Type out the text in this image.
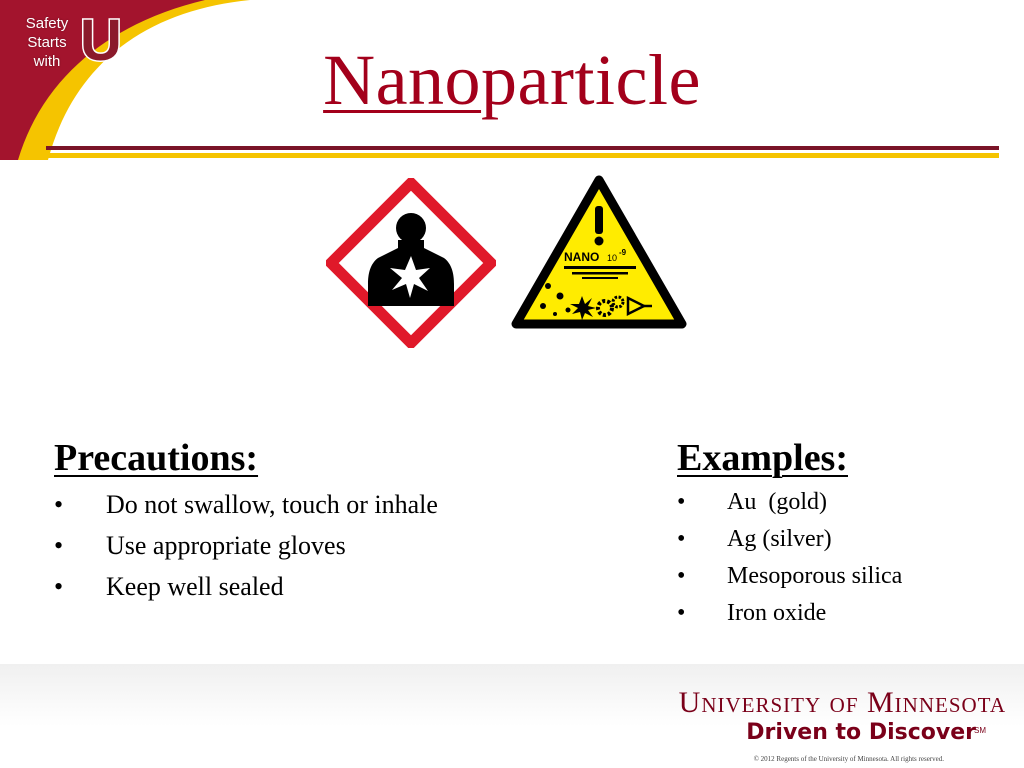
Safety
Starts
with U	Nanoparticle
NANO 10
-9
Precautions:
• Do not swallow, touch or inhale
• Use appropriate gloves
• Keep well sealed
Examples:
• Au  (gold)
• Ag (silver)
• Mesoporous silica
• Iron oxide
University of Minnesota
Driven to Discover
SM
© 2012 Regents of the University of Minnesota. All rights reserved.
